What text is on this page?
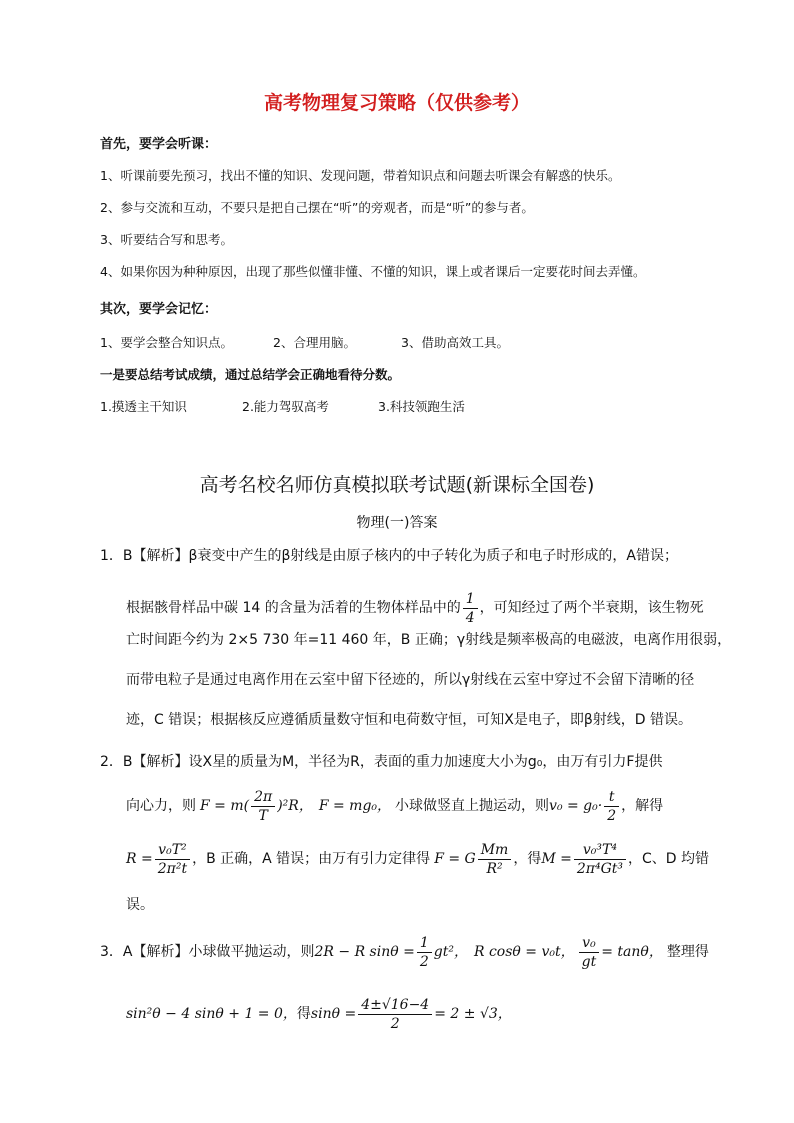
高考物理复习策略（仅供参考）
首先，要学会听课：
1、听课前要先预习，找出不懂的知识、发现问题，带着知识点和问题去听课会有解惑的快乐。
2、参与交流和互动，不要只是把自己摆在“听”的旁观者，而是“听”的参与者。
3、听要结合写和思考。
4、如果你因为种种原因，出现了那些似懂非懂、不懂的知识，课上或者课后一定要花时间去弄懂。
其次，要学会记忆：
1、要学会整合知识点。	2、合理用脑。	3、借助高效工具。
一是要总结考试成绩，通过总结学会正确地看待分数。
1.摸透主干知识	2.能力驾驭高考	3.科技领跑生活
高考名校名师仿真模拟联考试题(新课标全国卷)
物理(一)答案
1．B【解析】β衰变中产生的β射线是由原子核内的中子转化为质子和电子时形成的，A错误；
根据骸骨样品中碳 14 的含量为活着的生物体样品中的 $\frac{1}{4}$ ，可知经过了两个半衰期，该生物死
亡时间距今约为 2×5 730 年=11 460 年，B 正确；γ射线是频率极高的电磁波，电离作用很弱，
而带电粒子是通过电离作用在云室中留下径迹的，所以γ射线在云室中穿过不会留下清晰的径
迹，C 错误；根据核反应遵循质量数守恒和电荷数守恒，可知X是电子，即β射线，D 错误。
2．B【解析】设X星的质量为M，半径为R，表面的重力加速度大小为g₀，由万有引力F提供
向心力，则 $F = m( \frac{2\pi}{T} )^2R$， F = mg₀， 小球做竖直上抛运动，则 $v_0 = g_0\cdot \frac{t}{2}$ ，解得
$R = \frac{\text{v₀T²}}{\text{2π²t}}$ ，B 正确，A 错误；由万有引力定律得 F = G $\frac{Mm}{\text{R²}}$ ，得 $M = \frac{\text{v₀³T⁴}}{\text{2π⁴Gt³}}$ ，C、D 均错
误。
3．A【解析】小球做平抛运动，则 2R − R $\sin\theta = \frac{1}{2} gt^2$， R cosθ = v₀t， $\frac{\text{v₀}}{gt} = \tan\theta$， 整理得
sin²θ − 4 sinθ + 1 = 0， 得 $\sin\theta = \frac{4\pm√16-4}{2} = 2 \pm √3$，
